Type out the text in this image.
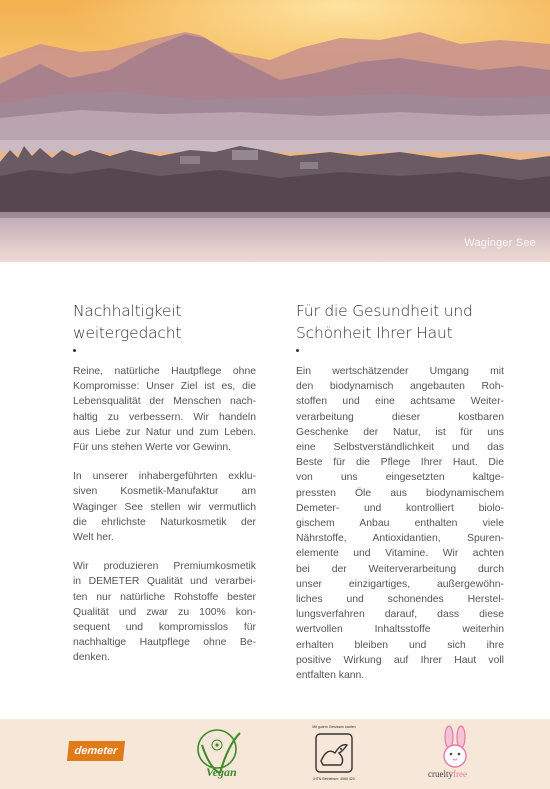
Waginger See
Nachhaltigkeit
weitergedacht

Reine, natürliche Hautpflege ohne
Kompromisse: Unser Ziel ist es, die
Lebensqualität der Menschen nach-
haltig zu verbessern. Wir handeln
aus Liebe zur Natur und zum Leben.
Für uns stehen Werte vor Gewinn.

In unserer inhabergeführten exklu-
siven Kosmetik-Manufaktur am
Waginger See stellen wir vermutlich
die ehrlichste Naturkosmetik der
Welt her.

Wir produzieren Premiumkosmetik
in DEMETER Qualität und verarbei-
ten nur natürliche Rohstoffe bester
Qualität und zwar zu 100% kon-
sequent und kompromisslos für
nachhaltige Hautpflege ohne Be-
denken.

Für die Gesundheit und
Schönheit Ihrer Haut

Ein wertschätzender Umgang mit
den biodynamisch angebauten Roh-
stoffen und eine achtsame Weiter-
verarbeitung dieser kostbaren
Geschenke der Natur, ist für uns
eine Selbstverständlichkeit und das
Beste für die Pflege Ihrer Haut. Die
von uns eingesetzten kaltge-
pressten Öle aus biodynamischem
Demeter- und kontrolliert biolo-
gischem Anbau enthalten viele
Nährstoffe, Antioxidantien, Spuren-
elemente und Vitamine. Wir achten
bei der Weiterverarbeitung durch
unser einzigartiges, außergewöhn-
liches und schonendes Herstel-
lungsverfahren darauf, dass diese
wertvollen Inhaltsstoffe weiterhin
erhalten bleiben und sich ihre
positive Wirkung auf Ihrer Haut voll
entfalten kann.

demeter
Vegan
Mit gutem Gewissen kaufen
IHTN Betriebsnr. 4960 420	crueltyfree
